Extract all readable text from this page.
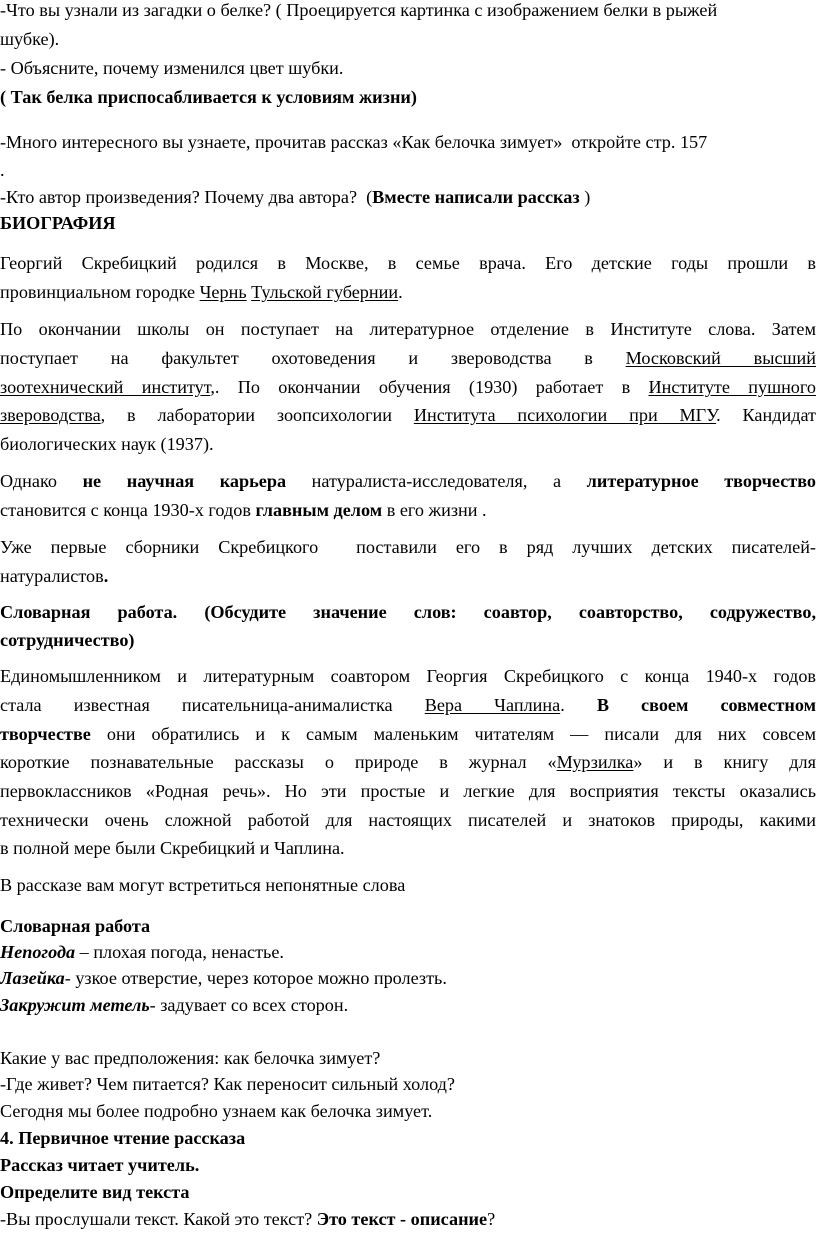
-Что вы узнали из загадки о белке? ( Проецируется картинка с изображением белки в рыжей
шубке).
- Объясните, почему изменился цвет шубки.
( Так белка приспосабливается к условиям жизни)
-Много интересного вы узнаете, прочитав рассказ «Как белочка зимует»  откройте стр. 157
.
-Кто автор произведения? Почему два автора?  (Вместе написали рассказ )
БИОГРАФИЯ
Георгий Скребицкий родился в Москве, в семье врача. Его детские годы прошли в
провинциальном городке Чернь Тульской губернии.
По окончании школы он поступает на литературное отделение в Институте слова. Затем
поступает на факультет охотоведения и звероводства в Московский высший
зоотехнический институт,. По окончании обучения (1930) работает в Институте пушного
звероводства, в лаборатории зоопсихологии Института психологии при МГУ. Кандидат
биологических наук (1937).
Однако не научная карьера натуралиста-исследователя, а литературное творчество
становится с конца 1930-х годов главным делом в его жизни .
Уже первые сборники Скребицкого  поставили его в ряд лучших детских писателей-
натуралистов.
Словарная работа. (Обсудите значение слов: соавтор, соавторство, содружество,
сотрудничество)
Единомышленником и литературным соавтором Георгия Скребицкого с конца 1940-х годов
стала известная писательница-анималистка Вера Чаплина. В своем совместном
творчестве они обратились и к самым маленьким читателям — писали для них совсем
короткие познавательные рассказы о природе в журнал «Мурзилка» и в книгу для
первоклассников «Родная речь». Но эти простые и легкие для восприятия тексты оказались
технически очень сложной работой для настоящих писателей и знатоков природы, какими
в полной мере были Скребицкий и Чаплина.
В рассказе вам могут встретиться непонятные слова
Словарная работа
Непогода – плохая погода, ненастье.
Лазейка- узкое отверстие, через которое можно пролезть.
Закружит метель- задувает со всех сторон.
Какие у вас предположения: как белочка зимует?
-Где живет? Чем питается? Как переносит сильный холод?
Сегодня мы более подробно узнаем как белочка зимует.
4. Первичное чтение рассказа
Рассказ читает учитель.
Определите вид текста
-Вы прослушали текст. Какой это текст? Это текст - описание?
